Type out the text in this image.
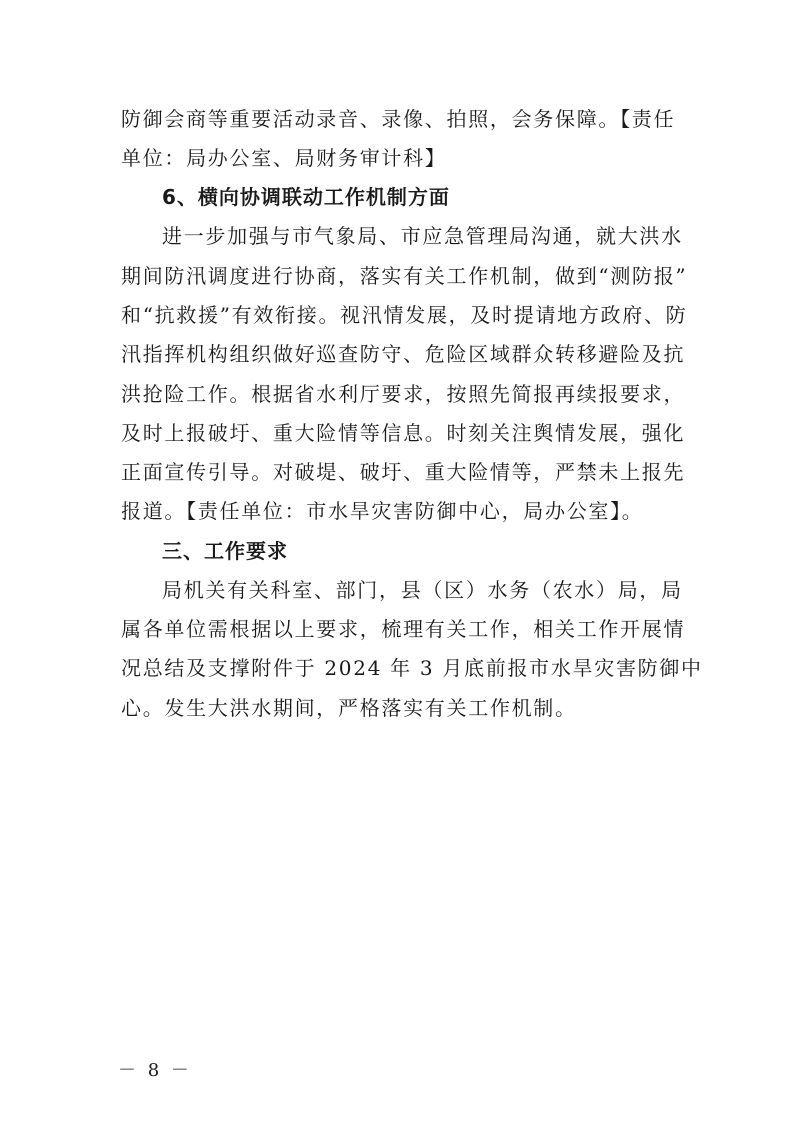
防御会商等重要活动录音、录像、拍照，会务保障。【责任
单位：局办公室、局财务审计科】
6、横向协调联动工作机制方面
进一步加强与市气象局、市应急管理局沟通，就大洪水
期间防汛调度进行协商，落实有关工作机制，做到“测防报”
和“抗救援”有效衔接。视汛情发展，及时提请地方政府、防
汛指挥机构组织做好巡查防守、危险区域群众转移避险及抗
洪抢险工作。根据省水利厅要求，按照先简报再续报要求，
及时上报破圩、重大险情等信息。时刻关注舆情发展，强化
正面宣传引导。对破堤、破圩、重大险情等，严禁未上报先
报道。【责任单位：市水旱灾害防御中心，局办公室】。
三、工作要求
局机关有关科室、部门，县（区）水务（农水）局，局
属各单位需根据以上要求，梳理有关工作，相关工作开展情
况总结及支撑附件于 2024 年 3 月底前报市水旱灾害防御中
心。发生大洪水期间，严格落实有关工作机制。
－ 8 －
